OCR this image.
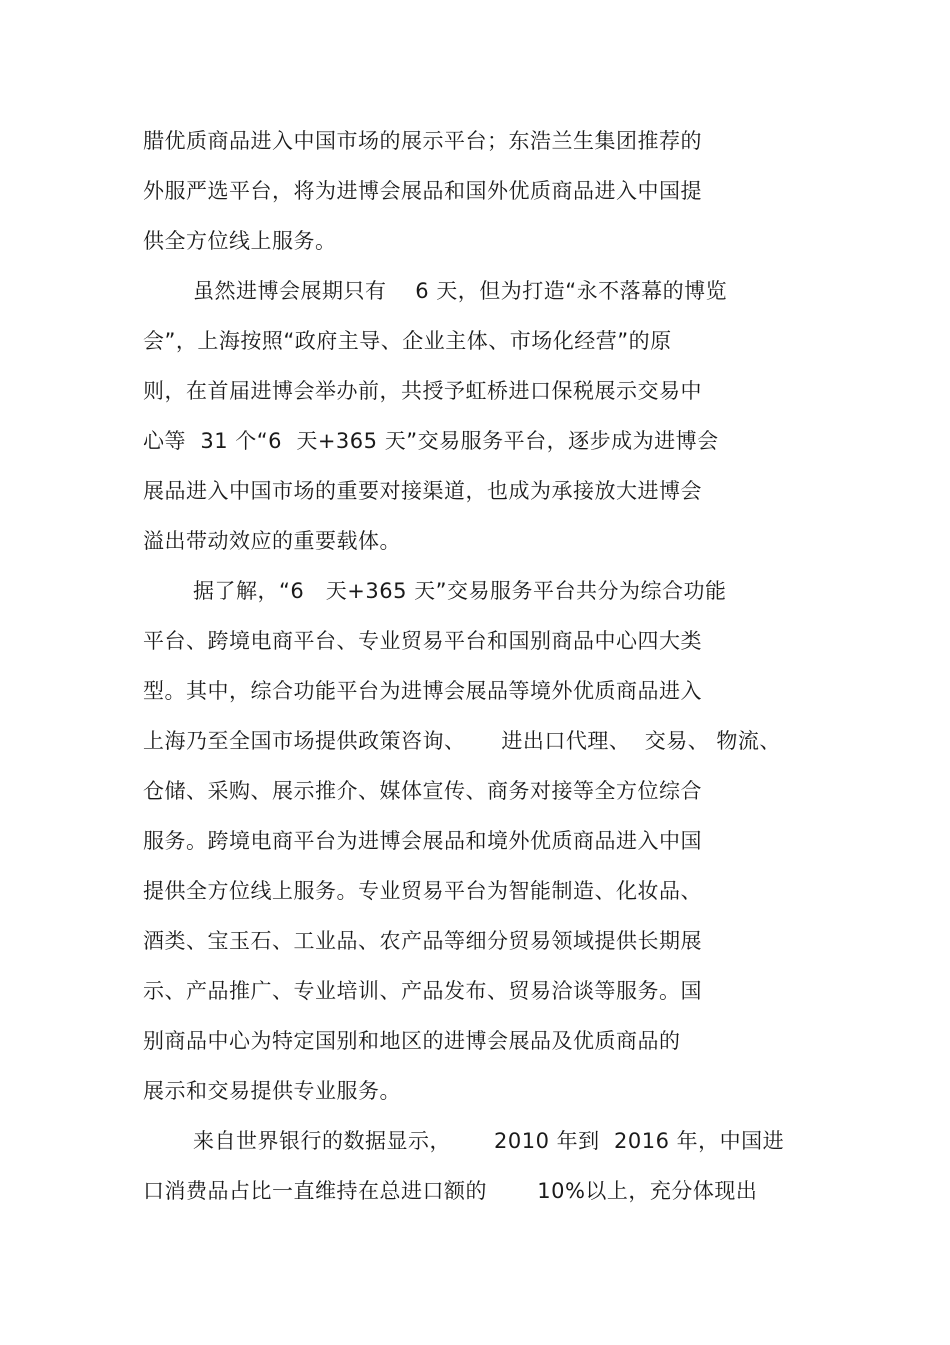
腊优质商品进入中国市场的展示平台；东浩兰生集团推荐的
外服严选平台，将为进博会展品和国外优质商品进入中国提
供全方位线上服务。
虽然进博会展期只有    6 天，但为打造“永不落幕的博览
会”，上海按照“政府主导、企业主体、市场化经营”的原
则，在首届进博会举办前，共授予虹桥进口保税展示交易中
心等  31 个“6  天+365 天”交易服务平台，逐步成为进博会
展品进入中国市场的重要对接渠道，也成为承接放大进博会
溢出带动效应的重要载体。
据了解，“6   天+365 天”交易服务平台共分为综合功能
平台、跨境电商平台、专业贸易平台和国别商品中心四大类
型。其中，综合功能平台为进博会展品等境外优质商品进入
上海乃至全国市场提供政策咨询、     进出口代理、  交易、 物流、
仓储、采购、展示推介、媒体宣传、商务对接等全方位综合
服务。跨境电商平台为进博会展品和境外优质商品进入中国
提供全方位线上服务。专业贸易平台为智能制造、化妆品、
酒类、宝玉石、工业品、农产品等细分贸易领域提供长期展
示、产品推广、专业培训、产品发布、贸易洽谈等服务。国
别商品中心为特定国别和地区的进博会展品及优质商品的
展示和交易提供专业服务。
来自世界银行的数据显示，      2010 年到  2016 年，中国进
口消费品占比一直维持在总进口额的       10%以上，充分体现出
